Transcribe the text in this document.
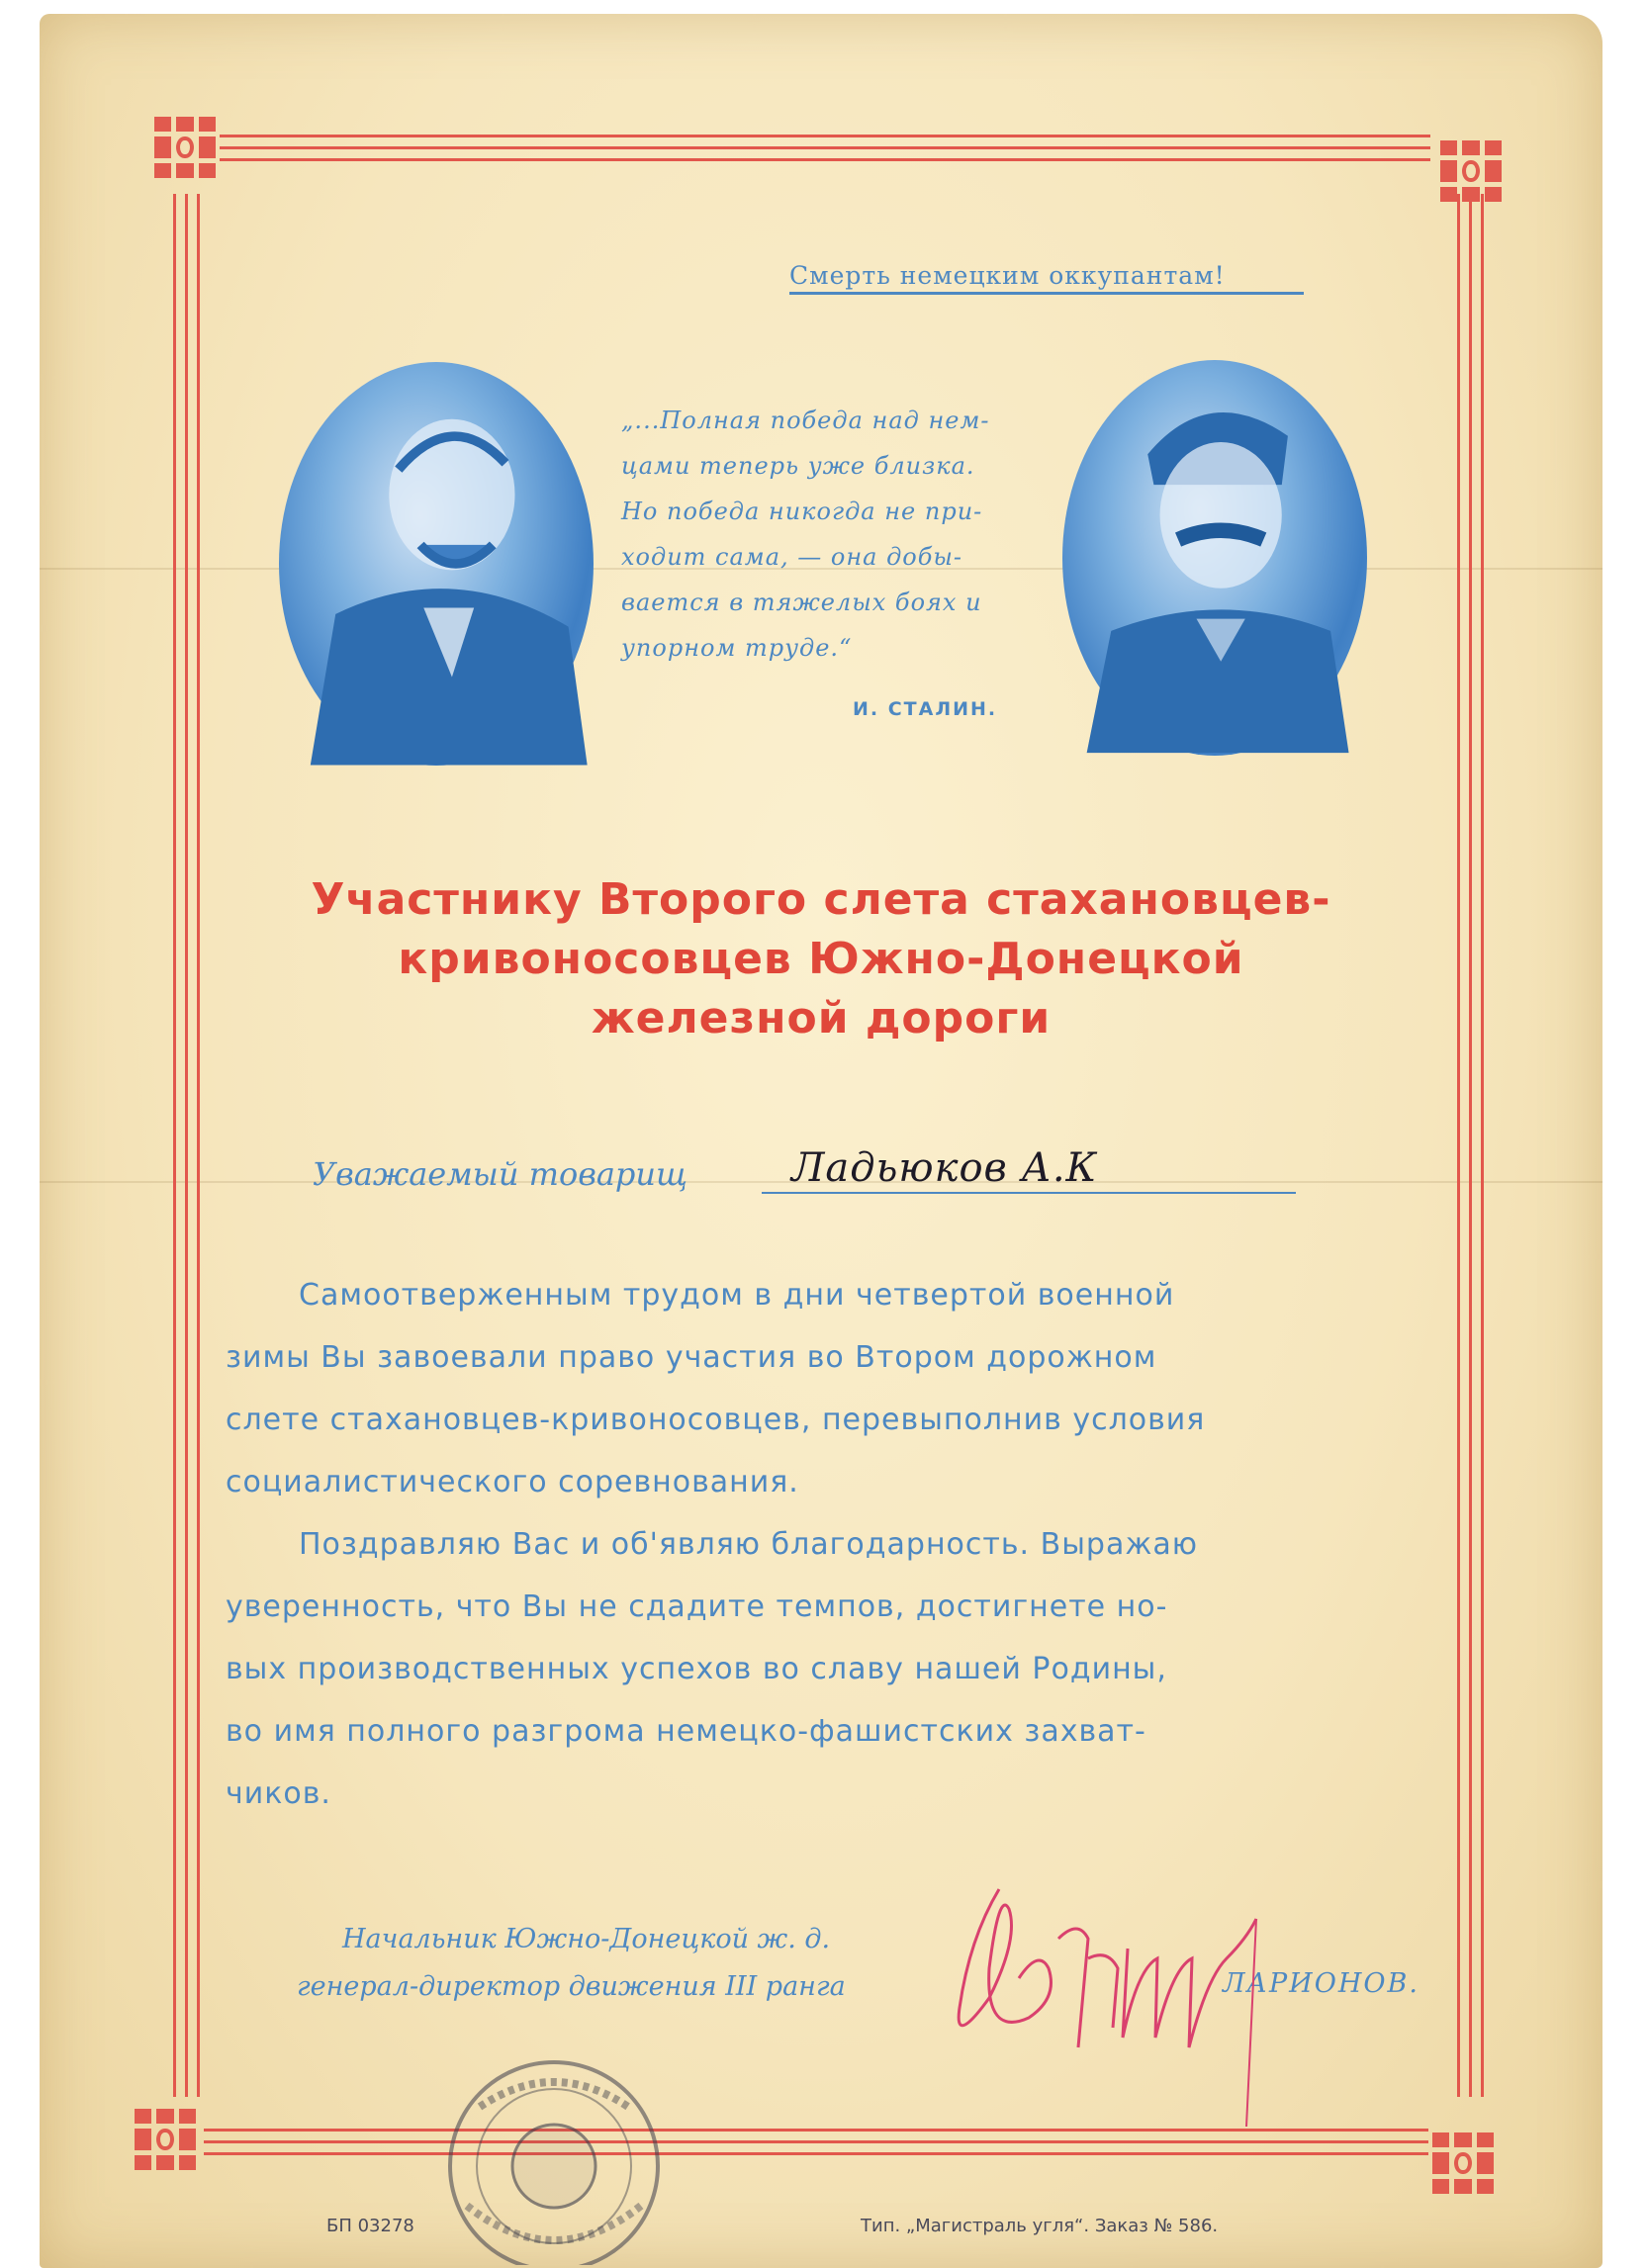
Смерть немецким оккупантам!
„...Полная победа над нем-
цами теперь уже близка.
Но победа никогда не при-
ходит сама, — она добы-
вается в тяжелых боях и
упорном труде.“
И. СТАЛИН.
Участнику Второго слета стахановцев-
кривоносовцев Южно-Донецкой
железной дороги
Уважаемый товарищ	Ладьюков А.К
Самоотверженным трудом в дни четвертой военной
зимы Вы завоевали право участия во Втором дорожном
слете стахановцев-кривоносовцев, перевыполнив условия
социалистического соревнования.
Поздравляю Вас и об'являю благодарность. Выражаю
уверенность, что Вы не сдадите темпов, достигнете но-
вых производственных успехов во славу нашей Родины,
во имя полного разгрома немецко-фашистских захват-
чиков.
Начальник Южно-Донецкой ж. д.
генерал-директор движения III ранга	ЛАРИОНОВ.
БП 03278	Тип. „Магистраль угля“. Заказ № 586.
